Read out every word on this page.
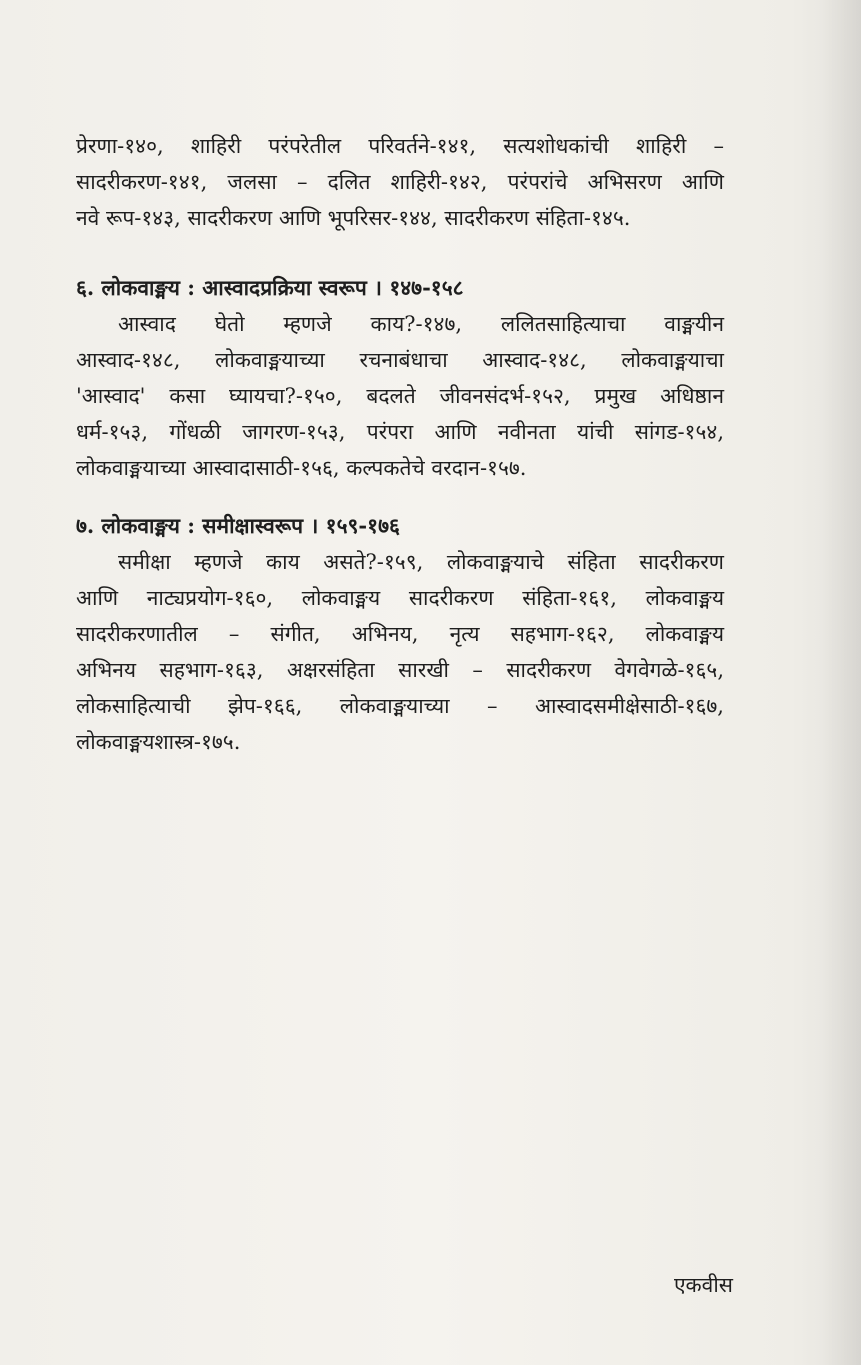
प्रेरणा-१४०, शाहिरी परंपरेतील परिवर्तने-१४१, सत्यशोधकांची शाहिरी –
सादरीकरण-१४१, जलसा – दलित शाहिरी-१४२, परंपरांचे अभिसरण आणि
नवे रूप-१४३, सादरीकरण आणि भूपरिसर-१४४, सादरीकरण संहिता-१४५.
६. लोकवाङ्मय : आस्वादप्रक्रिया स्वरूप । १४७-१५८
आस्वाद घेतो म्हणजे काय?-१४७, ललितसाहित्याचा वाङ्मयीन
आस्वाद-१४८, लोकवाङ्मयाच्या रचनाबंधाचा आस्वाद-१४८, लोकवाङ्मयाचा
'आस्वाद' कसा घ्यायचा?-१५०, बदलते जीवनसंदर्भ-१५२, प्रमुख अधिष्ठान
धर्म-१५३, गोंधळी जागरण-१५३, परंपरा आणि नवीनता यांची सांगड-१५४,
लोकवाङ्मयाच्या आस्वादासाठी-१५६, कल्पकतेचे वरदान-१५७.
७. लोकवाङ्मय : समीक्षास्वरूप । १५९-१७६
समीक्षा म्हणजे काय असते?-१५९, लोकवाङ्मयाचे संहिता सादरीकरण
आणि नाट्यप्रयोग-१६०, लोकवाङ्मय सादरीकरण संहिता-१६१, लोकवाङ्मय
सादरीकरणातील – संगीत, अभिनय, नृत्य सहभाग-१६२, लोकवाङ्मय
अभिनय सहभाग-१६३, अक्षरसंहिता सारखी – सादरीकरण वेगवेगळे-१६५,
लोकसाहित्याची झेप-१६६, लोकवाङ्मयाच्या – आस्वादसमीक्षेसाठी-१६७,
लोकवाङ्मयशास्त्र-१७५.
एकवीस
